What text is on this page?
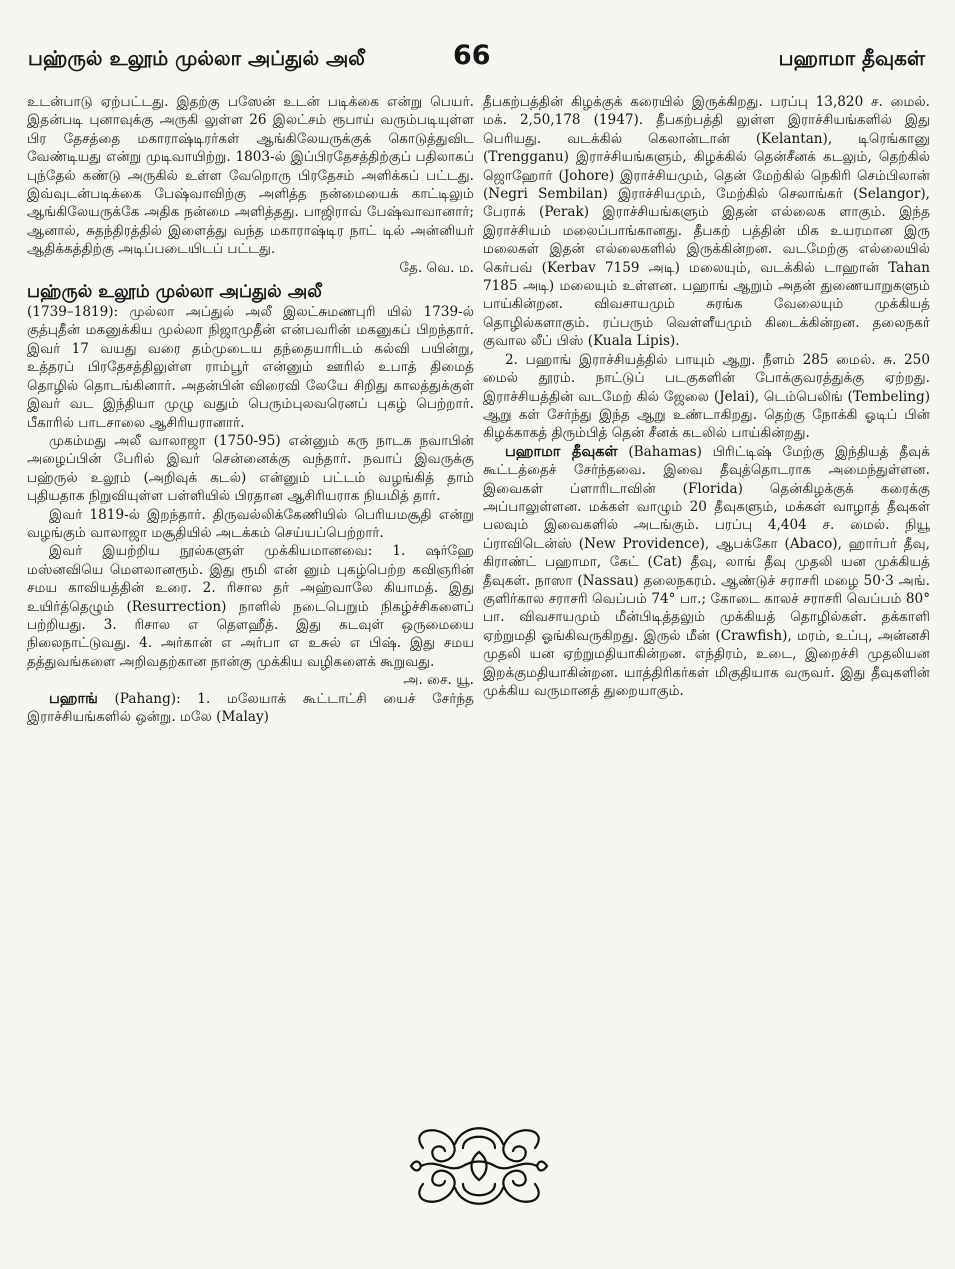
பஹ்ருல் உலூம் முல்லா அப்துல் அலீ	66	பஹாமா தீவுகள்

உடன்பாடு ஏற்பட்டது. இதற்கு பஸேன் உடன் படிக்கை என்று பெயர். இதன்படி புனாவுக்கு அருகி லுள்ள 26 இலட்சம் ரூபாய் வரும்படியுள்ள பிர தேசத்தை மகாராஷ்டிரர்கள் ஆங்கிலேயருக்குக் கொடுத்துவிட வேண்டியது என்று முடிவாயிற்று. 1803-ல் இப்பிரதேசத்திற்குப் பதிலாகப் புந்தேல் கண்டு அருகில் உள்ள வேறொரு பிரதேசம் அளிக்கப் பட்டது. இவ்வுடன்படிக்கை பேஷ்வாவிற்கு அளித்த நன்மையைக் காட்டிலும் ஆங்கிலேயருக்கே அதிக நன்மை அளித்தது. பாஜிராவ் பேஷ்வாவானார்; ஆனால், சுதந்திரத்தில் இளைத்து வந்த மகாராஷ்டிர நாட் டில் அன்னியர் ஆதிக்கத்திற்கு அடிப்படையிடப் பட்டது.

தே. வெ. ம.

பஹ்ருல் உலூம் முல்லா அப்துல் அலீ

(1739–1819): முல்லா அப்துல் அலீ இலட்சுமணபுரி யில் 1739-ல் குத்புதீன் மகனுக்கிய முல்லா நிஜாமுதீன் என்பவரின் மகனுகப் பிறந்தார். இவர் 17 வயது வரை தம்முடைய தந்தையாரிடம் கல்வி பயின்று, உத்தரப் பிரதேசத்திலுள்ள ராம்பூர் என்னும் ஊரில் உபாத் திமைத் தொழில் தொடங்கினார். அதன்பின் விரைவி லேயே சிறிது காலத்துக்குள் இவர் வட இந்தியா முழு வதும் பெரும்புலவரெனப் புகழ் பெற்றார். பீகாரில் பாடசாலை ஆசிரியரானார்.

முகம்மது அலீ வாலாஜா (1750-95) என்னும் கரு நாடக நவாபின் அழைப்பின் பேரில் இவர் சென்னைக்கு வந்தார். நவாப் இவருக்கு பஹ்ருல் உலூம் (அறிவுக் கடல்) என்னும் பட்டம் வழங்கித் தாம் புதியதாக நிறுவியுள்ள பள்ளியில் பிரதான ஆசிரியராக நியமித் தார்.

இவர் 1819-ல் இறந்தார். திருவல்லிக்கேணியில் பெரியமசூதி என்று வழங்கும் வாலாஜா மசூதியில் அடக்கம் செய்யப்பெற்றார்.

இவர் இயற்றிய நூல்களுள் முக்கியமானவை: 1. ஷர்ஹே மஸ்னவியெ மௌலானரூம். இது ரூமி என் னும் புகழ்பெற்ற கவிஞரின் சமய காவியத்தின் உரை. 2. ரிசால தர் அஹ்வாலே கியாமத். இது உயிர்த்தெழும் (Resurrection) நாளில் நடைபெறும் நிகழ்ச்சிகளைப் பற்றியது. 3. ரிசால எ தௌஹீத். இது கடவுள் ஒருமையை நிலைநாட்டுவது. 4. அர்கான் எ அர்பா எ உசுல் எ பிஷ். இது சமய தத்துவங்களை அறிவதற்கான நான்கு முக்கிய வழிகளைக் கூறுவது.

அ. சை. யூ.

பஹாங் (Pahang): 1. மலேயாக் கூட்டாட்சி யைச் சேர்ந்த இராச்சியங்களில் ஒன்று. மலே (Malay)

தீபகற்பத்தின் கிழக்குக் கரையில் இருக்கிறது. பரப்பு 13,820 ச. மைல். மக். 2,50,178 (1947). தீபகற்பத்தி லுள்ள இராச்சியங்களில் இது பெரியது. வடக்கில் கெலான்டான் (Kelantan), டிரெங்கானு (Trengganu) இராச்சியங்களும், கிழக்கில் தென்சீனக் கடலும், தெற்கில் ஜொஹோர் (Johore) இராச்சியமும், தென் மேற்கில் நெகிரி செம்பிலான் (Negri Sembilan) இராச்சியமும், மேற்கில் செலாங்கர் (Selangor), பேராக் (Perak) இராச்சியங்களும் இதன் எல்லைக ளாகும். இந்த இராச்சியம் மலைப்பாங்கானது. தீபகற் பத்தின் மிக உயரமான இரு மலைகள் இதன் எல்லைகளில் இருக்கின்றன. வடமேற்கு எல்லையில் கெர்பவ் (Kerbav 7159 அடி) மலையும், வடக்கில் டாஹான் Tahan 7185 அடி) மலையும் உள்ளன. பஹாங் ஆறும் அதன் துணையாறுகளும் பாய்கின்றன. விவசாயமும் சுரங்க வேலையும் முக்கியத் தொழில்களாகும். ரப்பரும் வெள்ளீயமும் கிடைக்கின்றன. தலைநகர் குவால லீப் பிஸ் (Kuala Lipis).

2. பஹாங் இராச்சியத்தில் பாயும் ஆறு. நீளம் 285 மைல். சு. 250 மைல் தூரம். நாட்டுப் படகுகளின் போக்குவரத்துக்கு ஏற்றது. இராச்சியத்தின் வடமேற் கில் ஜேலை (Jelai), டெம்பெலிங் (Tembeling) ஆறு கள் சேர்ந்து இந்த ஆறு உண்டாகிறது. தெற்கு நோக்கி ஓடிப் பின் கிழக்காகத் திரும்பித் தென் சீனக் கடலில் பாய்கின்றது.

பஹாமா தீவுகள் (Bahamas) பிரிட்டிஷ் மேற்கு இந்தியத் தீவுக் கூட்டத்தைச் சேர்ந்தவை. இவை தீவுத்தொடராக அமைந்துள்ளன. இவைகள் ப்ளாரிடாவின் (Florida) தென்கிழக்குக் கரைக்கு அப்பாலுள்ளன. மக்கள் வாழும் 20 தீவுகளும், மக்கள் வாழாத் தீவுகள் பலவும் இவைகளில் அடங்கும். பரப்பு 4,404 ச. மைல். நியூ ப்ராவிடென்ஸ் (New Providence), ஆபக்கோ (Abaco), ஹார்பர் தீவு, கிராண்ட் பஹாமா, கேட் (Cat) தீவு, லாங் தீவு முதலி யன முக்கியத் தீவுகள். நாஸா (Nassau) தலைநகரம். ஆண்டுச் சராசரி மழை 50·3 அங். குளிர்கால சராசரி வெப்பம் 74° பா.; கோடை காலச் சராசரி வெப்பம் 80° பா. விவசாயமும் மீன்பிடித்தலும் முக்கியத் தொழில்கள். தக்காளி ஏற்றுமதி ஓங்கிவருகிறது. இருல் மீன் (Crawfish), மரம், உப்பு, அன்னசி முதலி யன ஏற்றுமதியாகின்றன. எந்திரம், உடை, இறைச்சி முதலியன இறக்குமதியாகின்றன. யாத்திரிகர்கள் மிகுதியாக வருவர். இது தீவுகளின் முக்கிய வருமானத் துறையாகும்.
